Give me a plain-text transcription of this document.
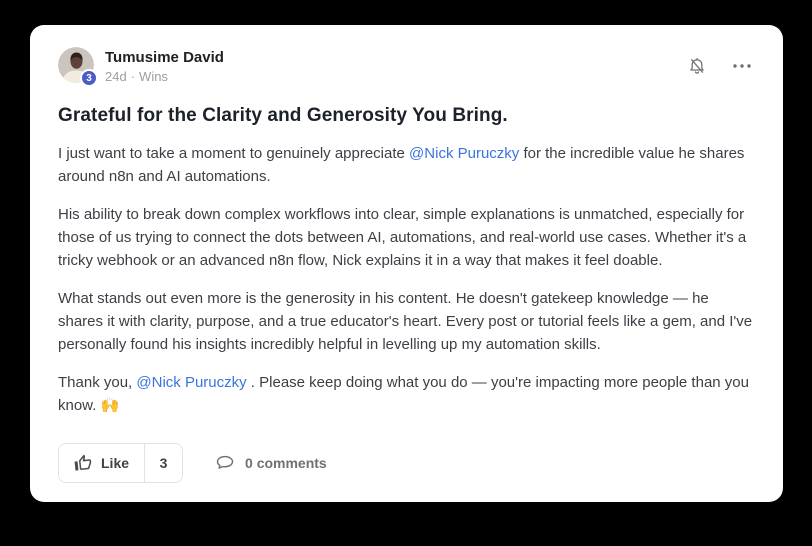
3
Tumusime David
24d · Wins
Grateful for the Clarity and Generosity You Bring.

I just want to take a moment to genuinely appreciate @Nick Puruczky for the incredible value he shares around n8n and AI automations.

His ability to break down complex workflows into clear, simple explanations is unmatched, especially for those of us trying to connect the dots between AI, automations, and real-world use cases. Whether it's a tricky webhook or an advanced n8n flow, Nick explains it in a way that makes it feel doable.

What stands out even more is the generosity in his content. He doesn't gatekeep knowledge — he shares it with clarity, purpose, and a true educator's heart. Every post or tutorial feels like a gem, and I've personally found his insights incredibly helpful in levelling up my automation skills.

Thank you, @Nick Puruczky . Please keep doing what you do — you're impacting more people than you know. 🙌

Like	3	0 comments
